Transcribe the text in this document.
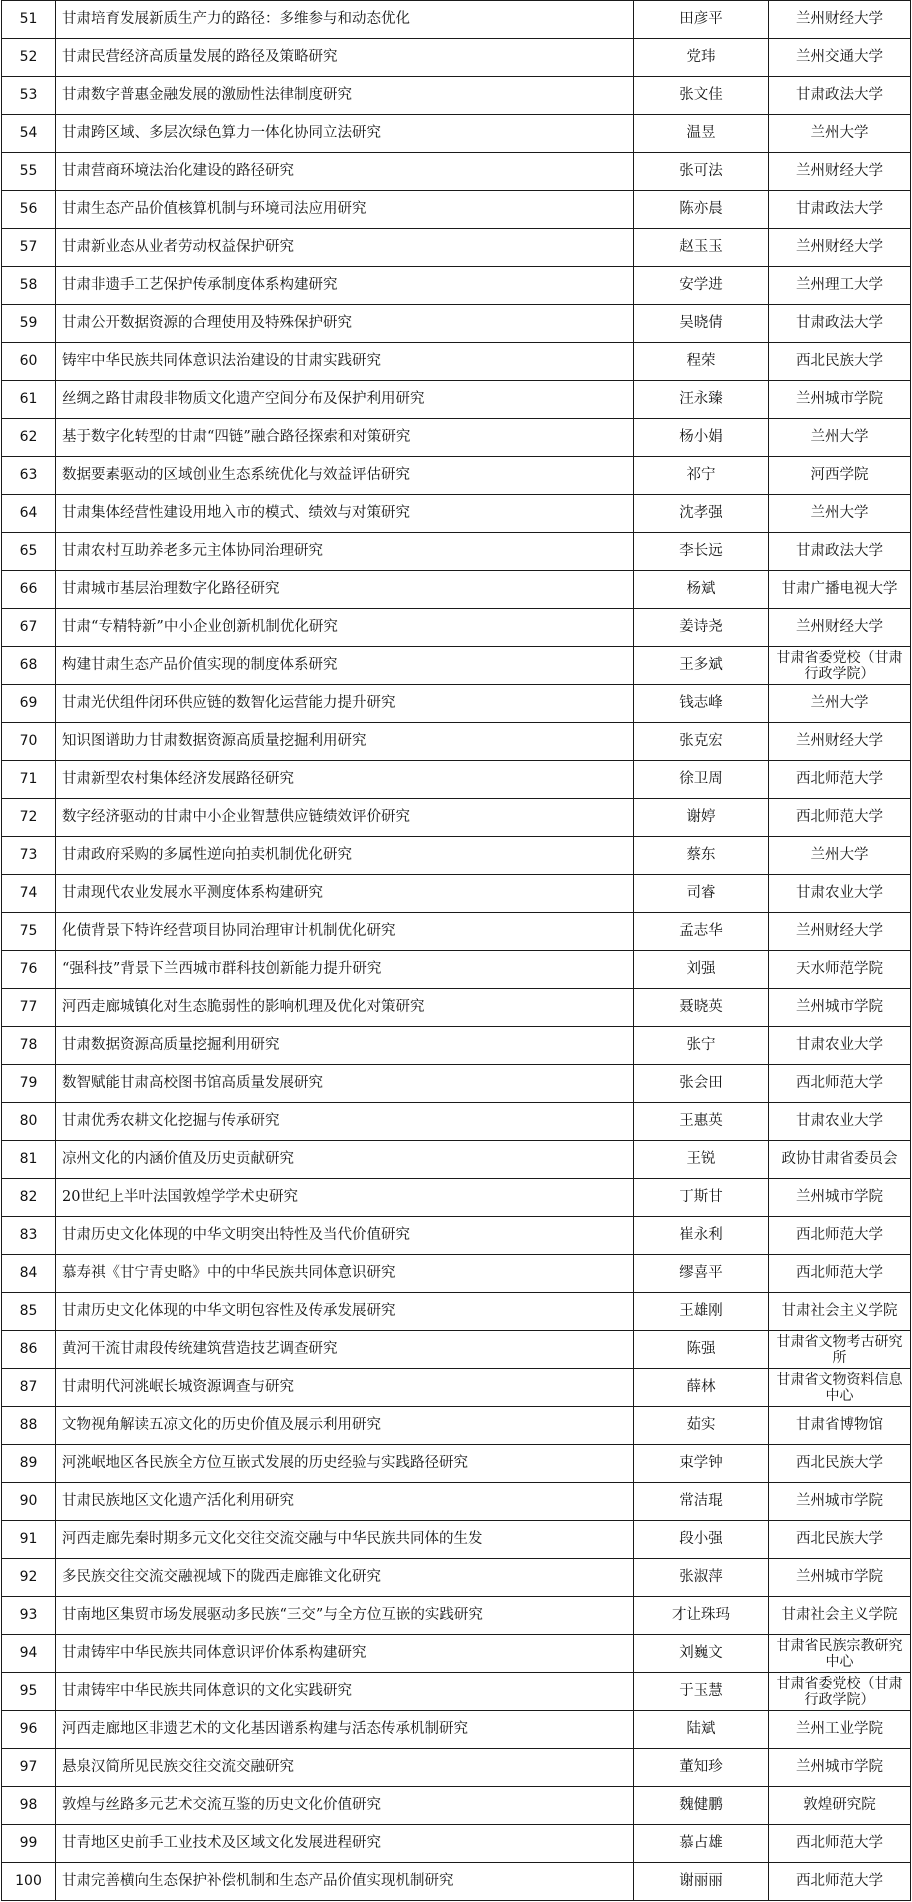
51	甘肃培育发展新质生产力的路径：多维参与和动态优化	田彦平	兰州财经大学
52	甘肃民营经济高质量发展的路径及策略研究	党玮	兰州交通大学
53	甘肃数字普惠金融发展的激励性法律制度研究	张文佳	甘肃政法大学
54	甘肃跨区域、多层次绿色算力一体化协同立法研究	温昱	兰州大学
55	甘肃营商环境法治化建设的路径研究	张可法	兰州财经大学
56	甘肃生态产品价值核算机制与环境司法应用研究	陈亦晨	甘肃政法大学
57	甘肃新业态从业者劳动权益保护研究	赵玉玉	兰州财经大学
58	甘肃非遗手工艺保护传承制度体系构建研究	安学进	兰州理工大学
59	甘肃公开数据资源的合理使用及特殊保护研究	吴晓倩	甘肃政法大学
60	铸牢中华民族共同体意识法治建设的甘肃实践研究	程荣	西北民族大学
61	丝绸之路甘肃段非物质文化遗产空间分布及保护利用研究	汪永臻	兰州城市学院
62	基于数字化转型的甘肃“四链”融合路径探索和对策研究	杨小娟	兰州大学
63	数据要素驱动的区域创业生态系统优化与效益评估研究	祁宁	河西学院
64	甘肃集体经营性建设用地入市的模式、绩效与对策研究	沈孝强	兰州大学
65	甘肃农村互助养老多元主体协同治理研究	李长远	甘肃政法大学
66	甘肃城市基层治理数字化路径研究	杨斌	甘肃广播电视大学
67	甘肃“专精特新”中小企业创新机制优化研究	姜诗尧	兰州财经大学
68	构建甘肃生态产品价值实现的制度体系研究	王多斌	甘肃省委党校（甘肃行政学院）
69	甘肃光伏组件闭环供应链的数智化运营能力提升研究	钱志峰	兰州大学
70	知识图谱助力甘肃数据资源高质量挖掘利用研究	张克宏	兰州财经大学
71	甘肃新型农村集体经济发展路径研究	徐卫周	西北师范大学
72	数字经济驱动的甘肃中小企业智慧供应链绩效评价研究	谢婷	西北师范大学
73	甘肃政府采购的多属性逆向拍卖机制优化研究	蔡东	兰州大学
74	甘肃现代农业发展水平测度体系构建研究	司睿	甘肃农业大学
75	化债背景下特许经营项目协同治理审计机制优化研究	孟志华	兰州财经大学
76	“强科技”背景下兰西城市群科技创新能力提升研究	刘强	天水师范学院
77	河西走廊城镇化对生态脆弱性的影响机理及优化对策研究	聂晓英	兰州城市学院
78	甘肃数据资源高质量挖掘利用研究	张宁	甘肃农业大学
79	数智赋能甘肃高校图书馆高质量发展研究	张会田	西北师范大学
80	甘肃优秀农耕文化挖掘与传承研究	王惠英	甘肃农业大学
81	凉州文化的内涵价值及历史贡献研究	王锐	政协甘肃省委员会
82	20世纪上半叶法国敦煌学学术史研究	丁斯甘	兰州城市学院
83	甘肃历史文化体现的中华文明突出特性及当代价值研究	崔永利	西北师范大学
84	慕寿祺《甘宁青史略》中的中华民族共同体意识研究	缪喜平	西北师范大学
85	甘肃历史文化体现的中华文明包容性及传承发展研究	王雄刚	甘肃社会主义学院
86	黄河干流甘肃段传统建筑营造技艺调查研究	陈强	甘肃省文物考古研究所
87	甘肃明代河洮岷长城资源调查与研究	薛林	甘肃省文物资料信息中心
88	文物视角解读五凉文化的历史价值及展示利用研究	茹实	甘肃省博物馆
89	河洮岷地区各民族全方位互嵌式发展的历史经验与实践路径研究	束学钟	西北民族大学
90	甘肃民族地区文化遗产活化利用研究	常洁琨	兰州城市学院
91	河西走廊先秦时期多元文化交往交流交融与中华民族共同体的生发	段小强	西北民族大学
92	多民族交往交流交融视域下的陇西走廊锥文化研究	张淑萍	兰州城市学院
93	甘南地区集贸市场发展驱动多民族“三交”与全方位互嵌的实践研究	才让珠玛	甘肃社会主义学院
94	甘肃铸牢中华民族共同体意识评价体系构建研究	刘巍文	甘肃省民族宗教研究中心
95	甘肃铸牢中华民族共同体意识的文化实践研究	于玉慧	甘肃省委党校（甘肃行政学院）
96	河西走廊地区非遗艺术的文化基因谱系构建与活态传承机制研究	陆斌	兰州工业学院
97	悬泉汉简所见民族交往交流交融研究	董知珍	兰州城市学院
98	敦煌与丝路多元艺术交流互鉴的历史文化价值研究	魏健鹏	敦煌研究院
99	甘青地区史前手工业技术及区域文化发展进程研究	慕占雄	西北师范大学
100	甘肃完善横向生态保护补偿机制和生态产品价值实现机制研究	谢丽丽	西北师范大学
